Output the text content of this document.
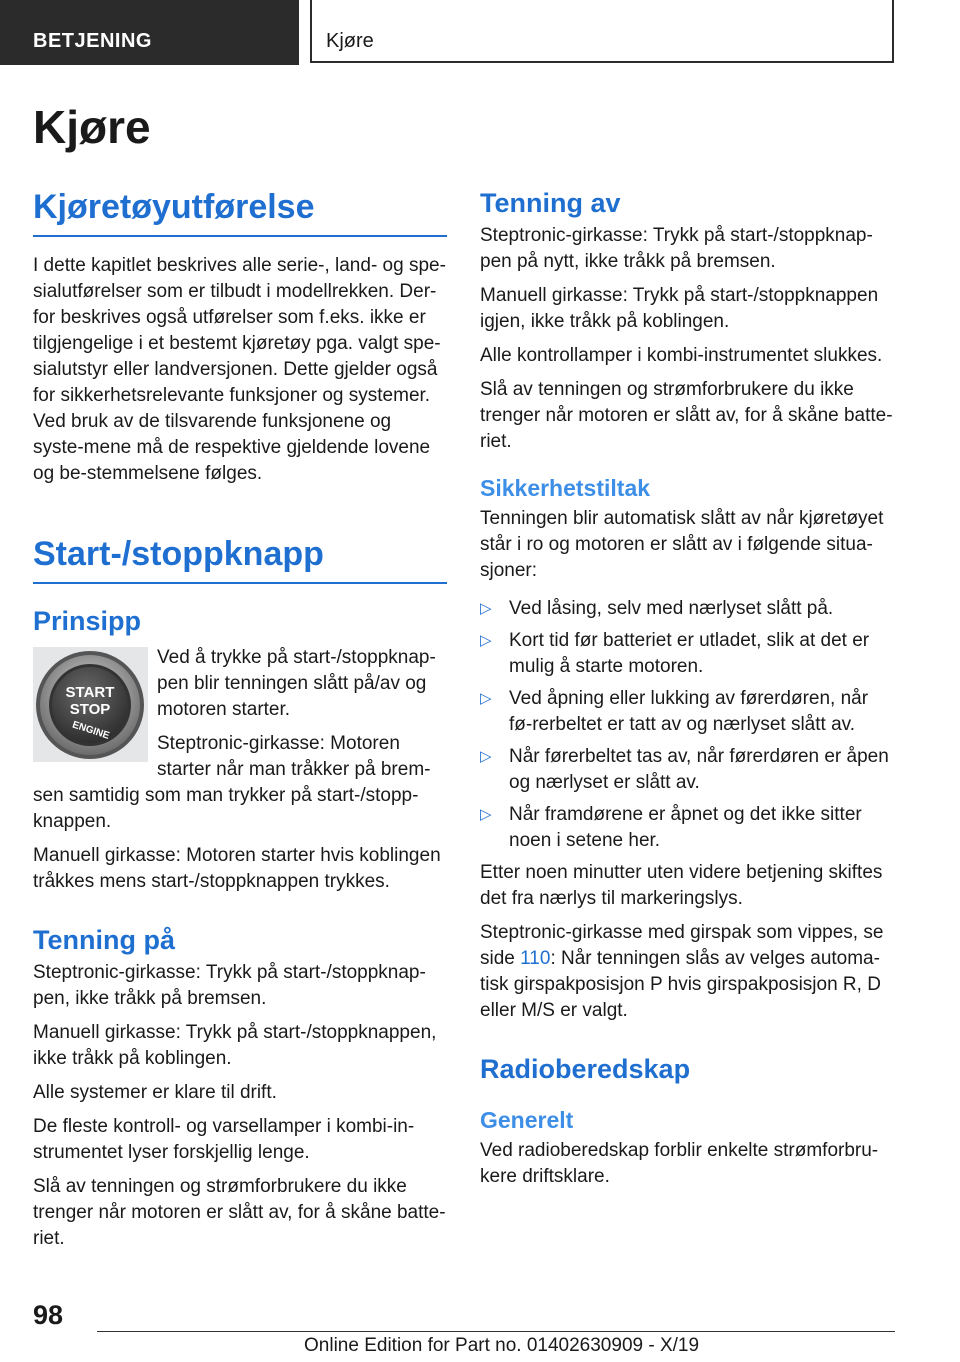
BETJENING	Kjøre
Kjøre
Kjøretøyutførelse

I dette kapitlet beskrives alle serie-, land- og spe-sialutførelser som er tilbudt i modellrekken. Der-for beskrives også utførelser som f.eks. ikke er tilgjengelige i et bestemt kjøretøy pga. valgt spe-sialutstyr eller landversjonen. Dette gjelder også for sikkerhetsrelevante funksjoner og systemer. Ved bruk av de tilsvarende funksjonene og syste-mene må de respektive gjeldende lovene og be-stemmelsene følges.

Start-/stoppknapp
Prinsipp
START
STOP
ENGINE

Ved å trykke på start-/stoppknap-pen blir tenningen slått på/av og motoren starter.

Steptronic-girkasse: Motoren starter når man tråkker på brem-sen samtidig som man trykker på start-/stopp-knappen.

Manuell girkasse: Motoren starter hvis koblingen tråkkes mens start-/stoppknappen trykkes.

Tenning på

Steptronic-girkasse: Trykk på start-/stoppknap-pen, ikke tråkk på bremsen.

Manuell girkasse: Trykk på start-/stoppknappen, ikke tråkk på koblingen.

Alle systemer er klare til drift.

De fleste kontroll- og varsellamper i kombi-in-strumentet lyser forskjellig lenge.

Slå av tenningen og strømforbrukere du ikke trenger når motoren er slått av, for å skåne batte-riet.

Tenning av

Steptronic-girkasse: Trykk på start-/stoppknap-pen på nytt, ikke tråkk på bremsen.

Manuell girkasse: Trykk på start-/stoppknappen igjen, ikke tråkk på koblingen.

Alle kontrollamper i kombi-instrumentet slukkes.

Slå av tenningen og strømforbrukere du ikke trenger når motoren er slått av, for å skåne batte-riet.

Sikkerhetstiltak

Tenningen blir automatisk slått av når kjøretøyet står i ro og motoren er slått av i følgende situa-sjoner:

▷ Ved låsing, selv med nærlyset slått på.
▷ Kort tid før batteriet er utladet, slik at det er mulig å starte motoren.
▷ Ved åpning eller lukking av førerdøren, når fø-rerbeltet er tatt av og nærlyset slått av.
▷ Når førerbeltet tas av, når førerdøren er åpen og nærlyset er slått av.
▷ Når framdørene er åpnet og det ikke sitter noen i setene her.

Etter noen minutter uten videre betjening skiftes det fra nærlys til markeringslys.

Steptronic-girkasse med girspak som vippes, se side 110: Når tenningen slås av velges automa-tisk girspakposisjon P hvis girspakposisjon R, D eller M/S er valgt.

Radioberedskap
Generelt

Ved radioberedskap forblir enkelte strømforbru-kere driftsklare.

98
Online Edition for Part no. 01402630909 - X/19
